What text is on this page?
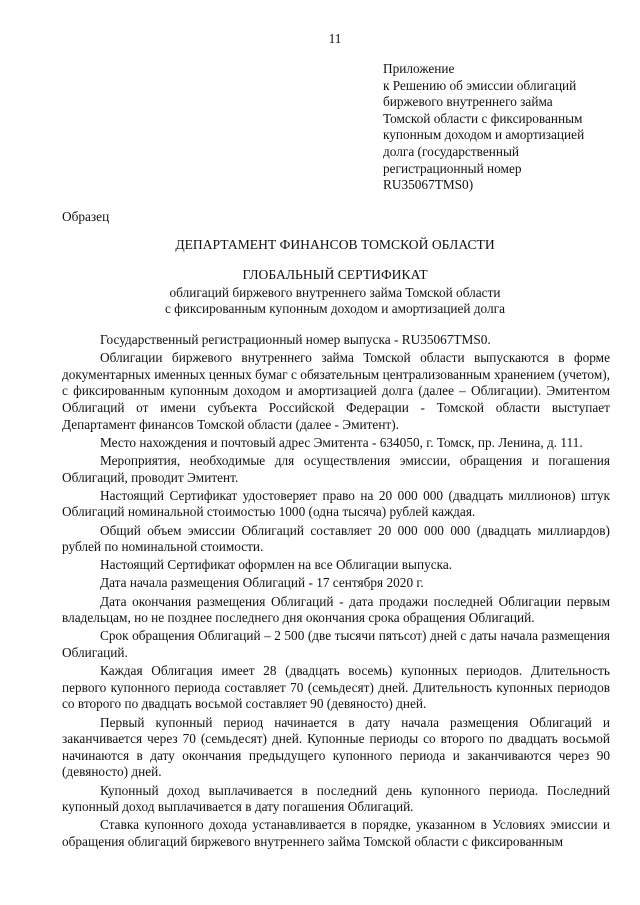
11
Приложение
к Решению об эмиссии облигаций
биржевого внутреннего займа
Томской области с фиксированным
купонным доходом и амортизацией
долга (государственный
регистрационный номер
RU35067TMS0)
Образец
ДЕПАРТАМЕНТ ФИНАНСОВ ТОМСКОЙ ОБЛАСТИ
ГЛОБАЛЬНЫЙ СЕРТИФИКАТ
облигаций биржевого внутреннего займа Томской области
с фиксированным купонным доходом и амортизацией долга

Государственный регистрационный номер выпуска - RU35067TMS0.

Облигации биржевого внутреннего займа Томской области выпускаются в форме документарных именных ценных бумаг с обязательным централизованным хранением (учетом), с фиксированным купонным доходом и амортизацией долга (далее – Облигации). Эмитентом Облигаций от имени субъекта Российской Федерации - Томской области выступает Департамент финансов Томской области (далее - Эмитент).

Место нахождения и почтовый адрес Эмитента - 634050, г. Томск, пр. Ленина, д. 111.

Мероприятия, необходимые для осуществления эмиссии, обращения и погашения Облигаций, проводит Эмитент.

Настоящий Сертификат удостоверяет право на 20 000 000 (двадцать миллионов) штук Облигаций номинальной стоимостью 1000 (одна тысяча) рублей каждая.

Общий объем эмиссии Облигаций составляет 20 000 000 000 (двадцать миллиардов) рублей по номинальной стоимости.

Настоящий Сертификат оформлен на все Облигации выпуска.

Дата начала размещения Облигаций - 17 сентября 2020 г.

Дата окончания размещения Облигаций - дата продажи последней Облигации первым владельцам, но не позднее последнего дня окончания срока обращения Облигаций.

Срок обращения Облигаций – 2 500 (две тысячи пятьсот) дней с даты начала размещения Облигаций.

Каждая Облигация имеет 28 (двадцать восемь) купонных периодов. Длительность первого купонного периода составляет 70 (семьдесят) дней. Длительность купонных периодов со второго по двадцать восьмой составляет 90 (девяносто) дней.

Первый купонный период начинается в дату начала размещения Облигаций и заканчивается через 70 (семьдесят) дней. Купонные периоды со второго по двадцать восьмой начинаются в дату окончания предыдущего купонного периода и заканчиваются через 90 (девяносто) дней.

Купонный доход выплачивается в последний день купонного периода. Последний купонный доход выплачивается в дату погашения Облигаций.

Ставка купонного дохода устанавливается в порядке, указанном в Условиях эмиссии и обращения облигаций биржевого внутреннего займа Томской области с фиксированным
